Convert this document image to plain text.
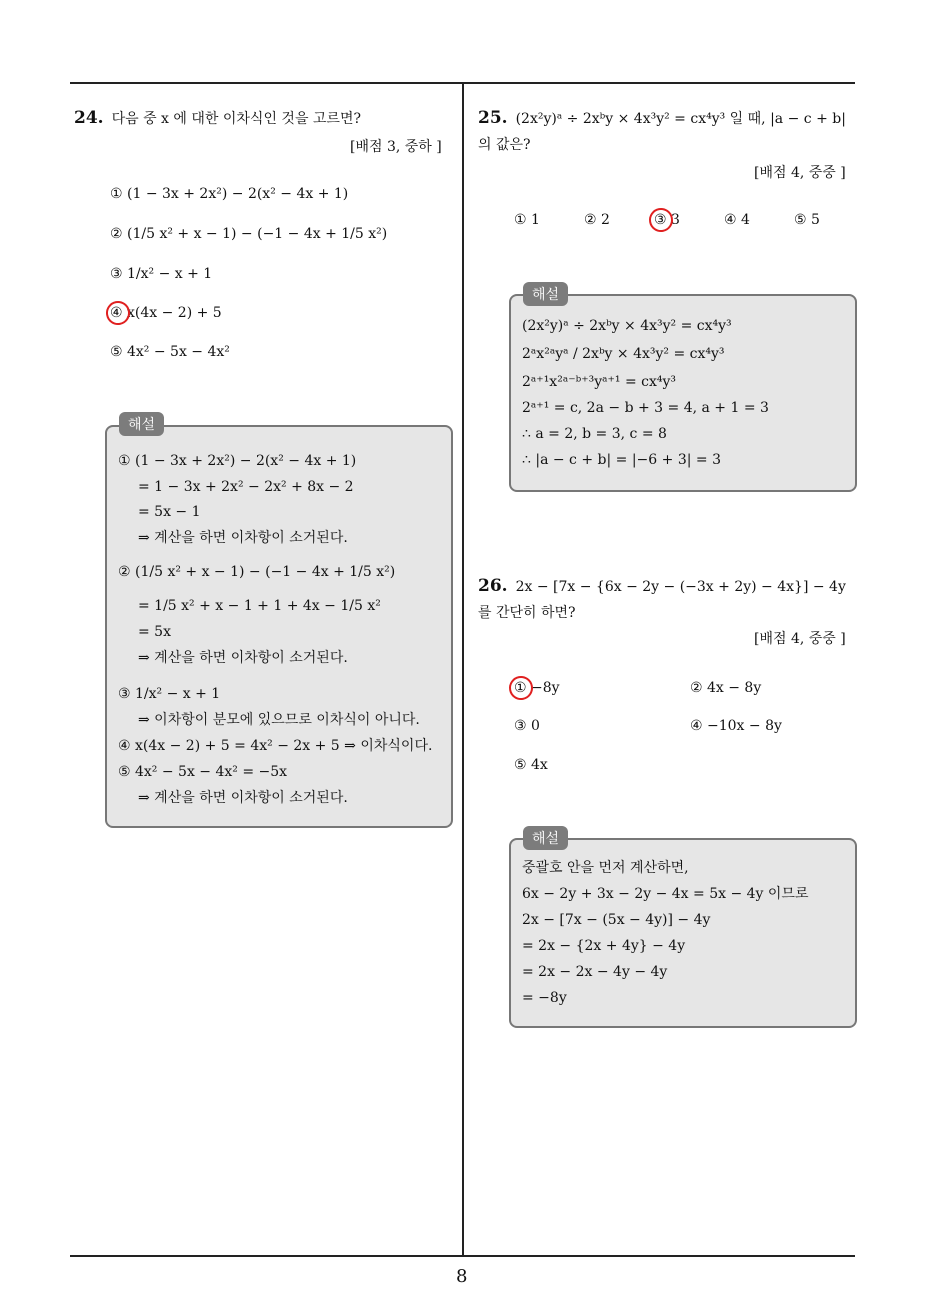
8
24. 다음 중 x 에 대한 이차식인 것을 고르면?
[배점 3, 중하 ]
① (1 − 3x + 2x²) − 2(x² − 4x + 1)
② (1/5 x² + x − 1) − (−1 − 4x + 1/5 x²)
③ 1/x² − x + 1
④ x(4x − 2) + 5
⑤ 4x² − 5x − 4x²
해설
① (1 − 3x + 2x²) − 2(x² − 4x + 1)
= 1 − 3x + 2x² − 2x² + 8x − 2
= 5x − 1
⇒ 계산을 하면 이차항이 소거된다.
② (1/5 x² + x − 1) − (−1 − 4x + 1/5 x²)
= 1/5 x² + x − 1 + 1 + 4x − 1/5 x²
= 5x
⇒ 계산을 하면 이차항이 소거된다.
③ 1/x² − x + 1
⇒ 이차항이 분모에 있으므로 이차식이 아니다.
④ x(4x − 2) + 5 = 4x² − 2x + 5 ⇒ 이차식이다.
⑤ 4x² − 5x − 4x² = −5x
⇒ 계산을 하면 이차항이 소거된다.
25. (2x²y)ᵃ ÷ 2xᵇy × 4x³y² = cx⁴y³ 일 때, |a − c + b| 의 값은?
[배점 4, 중중 ]
① 1	② 2	③ 3	④ 4	⑤ 5
해설
(2x²y)ᵃ ÷ 2xᵇy × 4x³y² = cx⁴y³
2ᵃx²ᵃyᵃ / 2xᵇy × 4x³y² = cx⁴y³
2ᵃ⁺¹x²ᵃ⁻ᵇ⁺³yᵃ⁺¹ = cx⁴y³
2ᵃ⁺¹ = c, 2a − b + 3 = 4, a + 1 = 3
∴ a = 2, b = 3, c = 8
∴ |a − c + b| = |−6 + 3| = 3
26. 2x − [7x − {6x − 2y − (−3x + 2y) − 4x}] − 4y 를 간단히 하면?
[배점 4, 중중 ]
① −8y	② 4x − 8y
③ 0	④ −10x − 8y
⑤ 4x
해설
중괄호 안을 먼저 계산하면,
6x − 2y + 3x − 2y − 4x = 5x − 4y 이므로
2x − [7x − (5x − 4y)] − 4y
= 2x − {2x + 4y} − 4y
= 2x − 2x − 4y − 4y
= −8y
